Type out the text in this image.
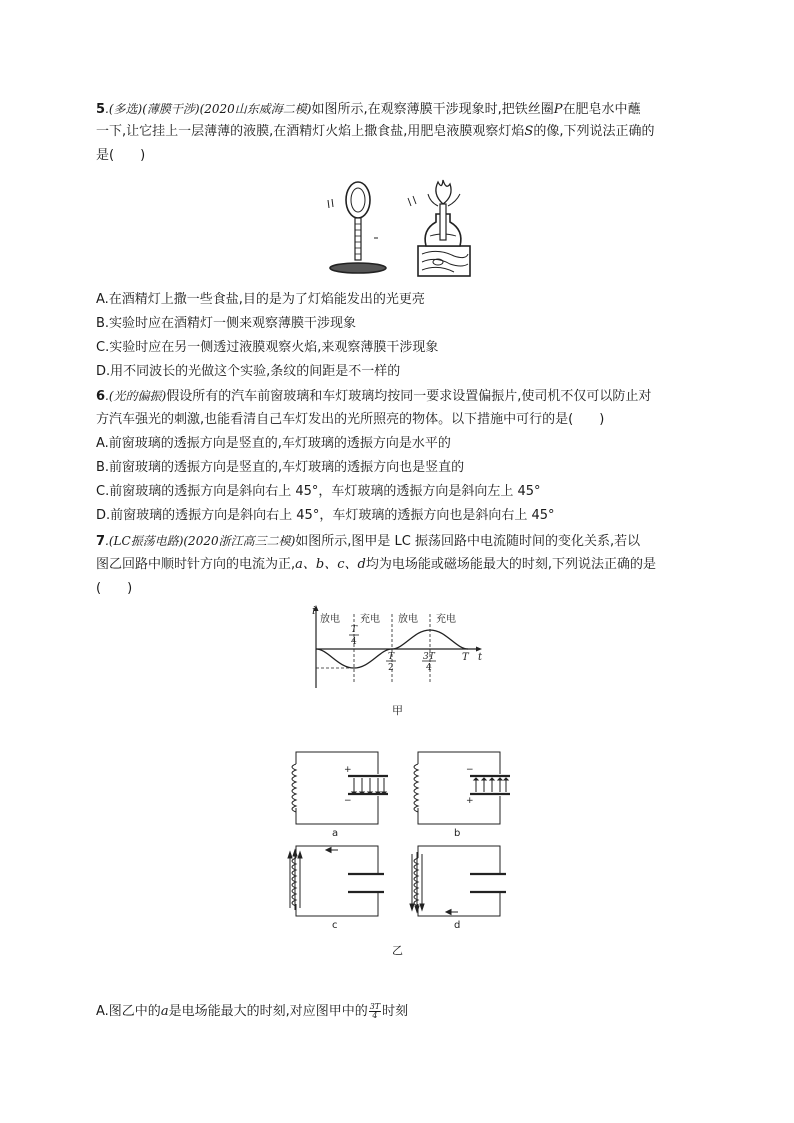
5.(多选)(薄膜干涉)(2020山东威海二模)如图所示,在观察薄膜干涉现象时,把铁丝圈P在肥皂水中蘸
一下,让它挂上一层薄薄的液膜,在酒精灯火焰上撒食盐,用肥皂液膜观察灯焰S的像,下列说法正确的
是(　　)
A.在酒精灯上撒一些食盐,目的是为了灯焰能发出的光更亮
B.实验时应在酒精灯一侧来观察薄膜干涉现象
C.实验时应在另一侧透过液膜观察火焰,来观察薄膜干涉现象
D.用不同波长的光做这个实验,条纹的间距是不一样的
6.(光的偏振)假设所有的汽车前窗玻璃和车灯玻璃均按同一要求设置偏振片,使司机不仅可以防止对
方汽车强光的刺激,也能看清自己车灯发出的光所照亮的物体。以下措施中可行的是(　　)
A.前窗玻璃的透振方向是竖直的,车灯玻璃的透振方向是水平的
B.前窗玻璃的透振方向是竖直的,车灯玻璃的透振方向也是竖直的
C.前窗玻璃的透振方向是斜向右上 45°，车灯玻璃的透振方向是斜向左上 45°
D.前窗玻璃的透振方向是斜向右上 45°，车灯玻璃的透振方向也是斜向右上 45°
7.(LC振荡电路)(2020浙江高三二模)如图所示,图甲是 LC 振荡回路中电流随时间的变化关系,若以
图乙回路中顺时针方向的电流为正,a、b、c、d均为电场能或磁场能最大的时刻,下列说法正确的是
(　　)
i
t
放电 充电 放电 充电
T
4
T
2
3T
4
T
甲
+
−
−
+
a	b
c	d
乙
A.图乙中的a是电场能最大的时刻,对应图甲中的 $\frac{3T}{4}$ 时刻
